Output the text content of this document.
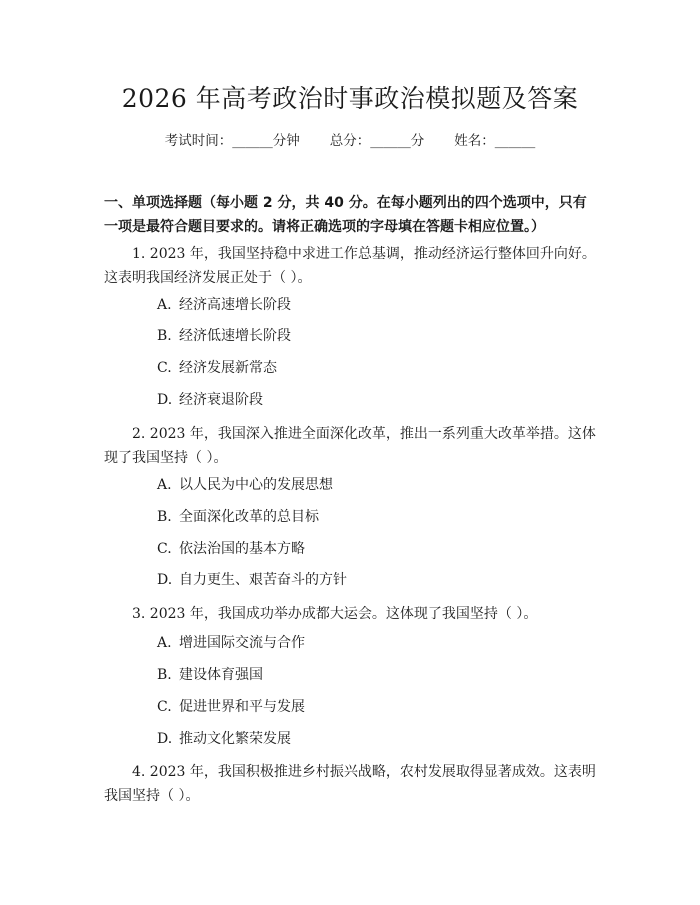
2026 年高考政治时事政治模拟题及答案
考试时间：______分钟 总分：______分 姓名：______
一、单项选择题（每小题 2 分，共 40 分。在每小题列出的四个选项中，只有一项是最符合题目要求的。请将正确选项的字母填在答题卡相应位置。）
1. 2023 年，我国坚持稳中求进工作总基调，推动经济运行整体回升向好。这表明我国经济发展正处于（ ）。
A. 经济高速增长阶段
B. 经济低速增长阶段
C. 经济发展新常态
D. 经济衰退阶段
2. 2023 年，我国深入推进全面深化改革，推出一系列重大改革举措。这体现了我国坚持（ ）。
A. 以人民为中心的发展思想
B. 全面深化改革的总目标
C. 依法治国的基本方略
D. 自力更生、艰苦奋斗的方针
3. 2023 年，我国成功举办成都大运会。这体现了我国坚持（ ）。
A. 增进国际交流与合作
B. 建设体育强国
C. 促进世界和平与发展
D. 推动文化繁荣发展
4. 2023 年，我国积极推进乡村振兴战略，农村发展取得显著成效。这表明我国坚持（ ）。
